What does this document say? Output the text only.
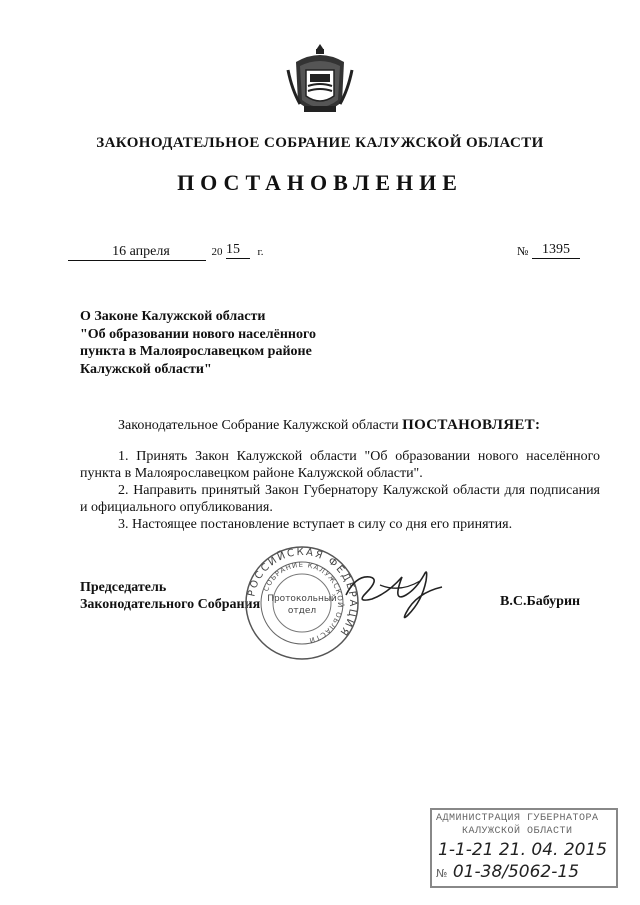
ЗАКОНОДАТЕЛЬНОЕ СОБРАНИЕ КАЛУЖСКОЙ ОБЛАСТИ
ПОСТАНОВЛЕНИЕ
16 апреля	20 15 г.	№ 1395
О Законе Калужской области
"Об образовании нового населённого
пункта в Малоярославецком районе
Калужской области"
Законодательное Собрание Калужской области ПОСТАНОВЛЯЕТ:

1. Принять Закон Калужской области "Об образовании нового населённого пункта в Малоярославецком районе Калужской области".

2. Направить принятый Закон Губернатору Калужской области для подписания и официального опубликования.

3. Настоящее постановление вступает в силу со дня его принятия.

Председатель
Законодательного Собрания	В.С.Бабурин
РОССИЙСКАЯ ФЕДЕРАЦИЯ
СОБРАНИЕ КАЛУЖСКОЙ ОБЛАСТИ
Протокольный
отдел
АДМИНИСТРАЦИЯ ГУБЕРНАТОРА
КАЛУЖСКОЙ ОБЛАСТИ
1-1-21 21. 04. 2015
№ 01-38/5062-15
